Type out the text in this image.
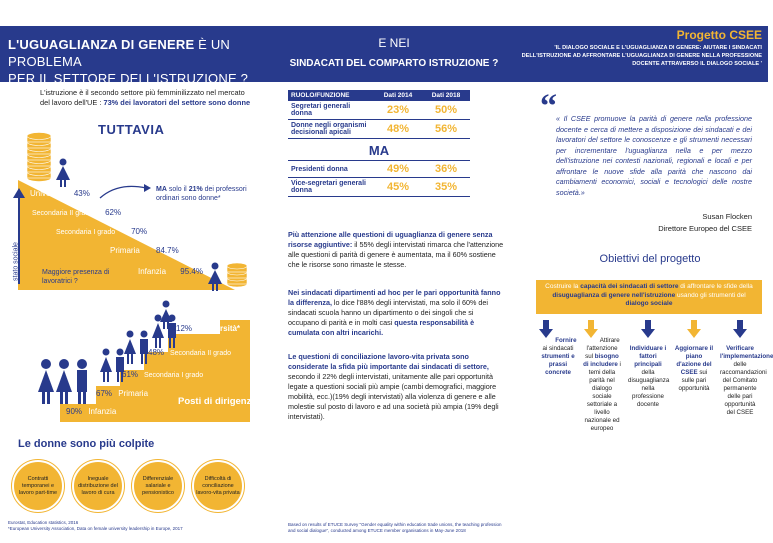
L'UGUAGLIANZA DI GENERE È UN PROBLEMA
PER IL SETTORE DELL'ISTRUZIONE ?
E NEI
SINDACATI DEL COMPARTO ISTRUZIONE ?
Progetto CSEE
'IL DIALOGO SOCIALE E L'UGUAGLIANZA DI GENERE: AIUTARE I SINDACATI DELL'ISTRUZIONE AD AFFRONTARE L'UGUAGLIANZA DI GENERE NELLA PROFESSIONE DOCENTE ATTRAVERSO IL DIALOGO SOCIALE '
L'istruzione è il secondo settore più femminilizzato nel mercato del lavoro dell'UE : 73% dei lavoratori del settore sono donne
TUTTAVIA
stato sociale
Università 43%
Secondaria II grado 62%
Secondaria I grado 70%
Primaria 84.7%
Infanzia 95.4%
Maggiore presenza di lavoratrici ?
MA solo il 21% dei professori ordinari sono donne*
12% Università*
48% Secondaria II grado
61% Secondaria I grado
67% Primaria
90% Infanzia
Posti di dirigenza
Le donne sono più colpite
Contratti temporanei e lavoro part-time
Ineguale distribuzione del lavoro di cura
Differenziale salariale e pensionistico
Difficoltà di conciliazione lavoro-vita privata
Eurostat, Education statistics, 2016
*European University Association, Data on female university leadership in Europe, 2017
RUOLO/FUNZIONE	Dati 2014	Dati 2018
Segretari generali donna	23%	50%
Donne negli organismi decisionali apicali	48%	56%
MA		
Presidenti donna	49%	36%
Vice-segretari generali donna	45%	35%
Più attenzione alle questioni di uguaglianza di genere senza risorse aggiuntive: il 55% degli intervistati rimarca che l'attenzione alle questioni di parità di genere è aumentata, ma il 60% sostiene che le risorse sono rimaste le stesse.
Nei sindacati dipartimenti ad hoc per le pari opportunità fanno la differenza, lo dice l'88% degli intervistati, ma solo il 60% dei sindacati scuola hanno un dipartimento o dei singoli che si occupano di parità e in molti casi questa responsabilità è cumulata con altri incarichi.
Le questioni di conciliazione lavoro-vita privata sono considerate la sfida più importante dai sindacati di settore, secondo il 22% degli intervistati, unitamente alle pari opportunità legate a questioni sociali più ampie (cambi demografici, maggiore mobilità, ecc.)(19% degli intervistati) alla violenza di genere e alle molestie sul posto di lavoro e ad una società più ampia (19% degli intervistati).
Based on results of ETUCE Survey "Gender equality within education trade unions, the teaching profession and social dialogue", conducted among ETUCE member organisations in May-June 2018
“ « Il CSEE promuove la parità di genere nella professione docente e cerca di mettere a disposizione dei sindacati e dei lavoratori del settore le conoscenze e gli strumenti necessari per incrementare l'uguaglianza nella e per mezzo dell'istruzione nei contesti nazionali, regionali e locali e per affrontare le nuove sfide alla parità che nascono dai cambiamenti economici, sociali e tecnologici delle nostre società.»
Susan Flocken
Direttore Europeo del CSEE
Obiettivi del progetto
Costruire la capacità dei sindacati di settore di affrontare le sfide della disuguaglianza di genere nell'istruzione usando gli strumenti del dialogo sociale
Fornire ai sindacati strumenti e prassi concrete
Attirare l'attenzione sul bisogno di includere i temi della parità nel dialogo sociale settoriale a livello nazionale ed europeo
Individuare i fattori principali della disuguaglianza nella professione docente
Aggiornare il piano d'azione del CSEE sui sulle pari opportunità
Verificare l'implementazione delle raccomandazioni del Comitato permanente delle pari opportunità del CSEE
